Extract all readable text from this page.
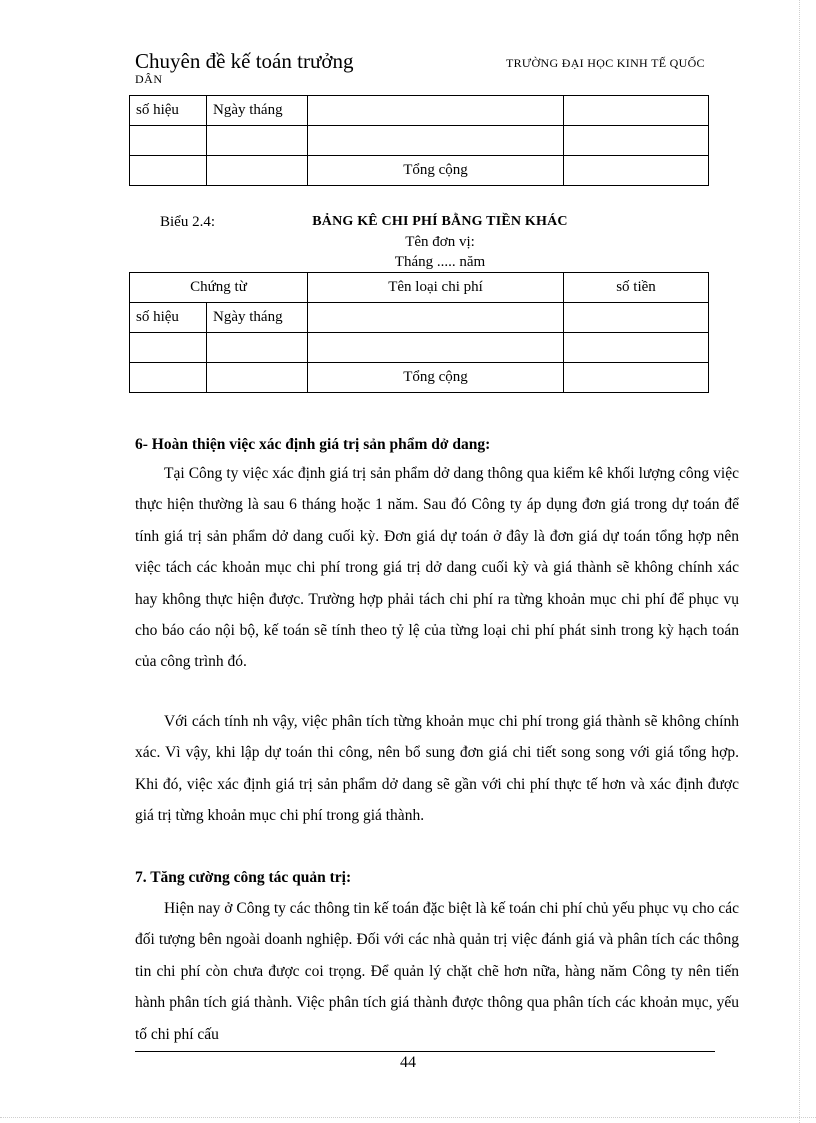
Chuyên đề kế toán trưởng
DÂN
TRƯỜNG ĐẠI HỌC KINH TẾ QUỐC
số hiệu	Ngày tháng		

		Tổng cộng	
Biểu 2.4:	BẢNG KÊ CHI PHÍ BẰNG TIỀN KHÁC
Tên đơn vị:
Tháng ..... năm
Chứng từ		Tên loại chi phí	số tiền
số hiệu	Ngày tháng		

		Tổng cộng	
6- Hoàn thiện việc xác định giá trị sản phẩm dở dang:

Tại Công ty việc xác định giá trị sản phẩm dở dang thông qua kiểm kê khối lượng công việc thực hiện thường là sau 6 tháng hoặc 1 năm. Sau đó Công ty áp dụng đơn giá trong dự toán để tính giá trị sản phẩm dở dang cuối kỳ. Đơn giá dự toán ở đây là đơn giá dự toán tổng hợp nên việc tách các khoản mục chi phí trong giá trị dở dang cuối kỳ và giá thành sẽ không chính xác hay không thực hiện được. Trường hợp phải tách chi phí ra từng khoản mục chi phí để phục vụ cho báo cáo nội bộ, kế toán sẽ tính theo tỷ lệ của từng loại chi phí phát sinh trong kỳ hạch toán của công trình đó.

Với cách tính nh vậy, việc phân tích từng khoản mục chi phí trong giá thành sẽ không chính xác. Vì vậy, khi lập dự toán thi công, nên bổ sung đơn giá chi tiết song song với giá tổng hợp. Khi đó, việc xác định giá trị sản phẩm dở dang sẽ gần với chi phí thực tế hơn và xác định được giá trị từng khoản mục chi phí trong giá thành.

7. Tăng cường công tác quản trị:

Hiện nay ở Công ty các thông tin kế toán đặc biệt là kế toán chi phí chủ yếu phục vụ cho các đối tượng bên ngoài doanh nghiệp. Đối với các nhà quản trị việc đánh giá và phân tích các thông tin chi phí còn chưa được coi trọng. Để quản lý chặt chẽ hơn nữa, hàng năm Công ty nên tiến hành phân tích giá thành. Việc phân tích giá thành được thông qua phân tích các khoản mục, yếu tố chi phí cấu

44
